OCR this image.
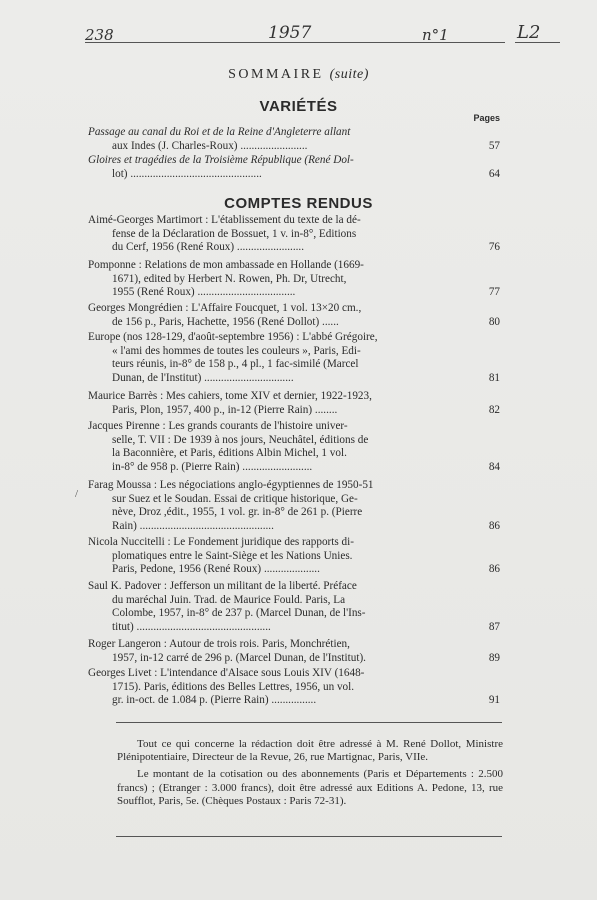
238	1957	n°1	L2
SOMMAIRE (suite)
VARIÉTÉS
Pages
Passage au canal du Roi et de la Reine d'Angleterre allant
aux Indes (J. Charles-Roux) ........................	57
Gloires et tragédies de la Troisième République (René Dol-
lot) ...............................................	64
COMPTES RENDUS
Aimé-Georges Martimort : L'établissement du texte de la dé-
fense de la Déclaration de Bossuet, 1 v. in-8°, Editions
du Cerf, 1956 (René Roux) ........................	76
Pomponne : Relations de mon ambassade en Hollande (1669-
1671), edited by Herbert N. Rowen, Ph. Dr, Utrecht,
1955 (René Roux) ...................................	77
Georges Mongrédien : L'Affaire Foucquet, 1 vol. 13×20 cm.,
de 156 p., Paris, Hachette, 1956 (René Dollot) ......	80
Europe (nos 128-129, d'août-septembre 1956) : L'abbé Grégoire,
« l'ami des hommes de toutes les couleurs », Paris, Edi-
teurs réunis, in-8° de 158 p., 4 pl., 1 fac-similé (Marcel
Dunan, de l'Institut) ................................	81
Maurice Barrès : Mes cahiers, tome XIV et dernier, 1922-1923,
Paris, Plon, 1957, 400 p., in-12 (Pierre Rain) ........	82
Jacques Pirenne : Les grands courants de l'histoire univer-
selle, T. VII : De 1939 à nos jours, Neuchâtel, éditions de
la Baconnière, et Paris, éditions Albin Michel, 1 vol.
in-8° de 958 p. (Pierre Rain) .........................	84
/
Farag Moussa : Les négociations anglo-égyptiennes de 1950-51
sur Suez et le Soudan. Essai de critique historique, Ge-
nève, Droz ,édit., 1955, 1 vol. gr. in-8° de 261 p. (Pierre
Rain) ................................................	86
Nicola Nuccitelli : Le Fondement juridique des rapports di-
plomatiques entre le Saint-Siège et les Nations Unies.
Paris, Pedone, 1956 (René Roux) ....................	86
Saul K. Padover : Jefferson un militant de la liberté. Préface
du maréchal Juin. Trad. de Maurice Fould. Paris, La
Colombe, 1957, in-8° de 237 p. (Marcel Dunan, de l'Ins-
titut) ................................................	87
Roger Langeron : Autour de trois rois. Paris, Monchrétien,
1957, in-12 carré de 296 p. (Marcel Dunan, de l'Institut).	89
Georges Livet : L'intendance d'Alsace sous Louis XIV (1648-
1715). Paris, éditions des Belles Lettres, 1956, un vol.
gr. in-oct. de 1.084 p. (Pierre Rain) ................	91

Tout ce qui concerne la rédaction doit être adressé à M. René Dollot, Ministre Plénipotentiaire, Directeur de la Revue, 26, rue Martignac, Paris, VIIe.

Le montant de la cotisation ou des abonnements (Paris et Départements : 2.500 francs) ; (Etranger : 3.000 francs), doit être adressé aux Editions A. Pedone, 13, rue Soufflot, Paris, 5e. (Chèques Postaux : Paris 72-31).
